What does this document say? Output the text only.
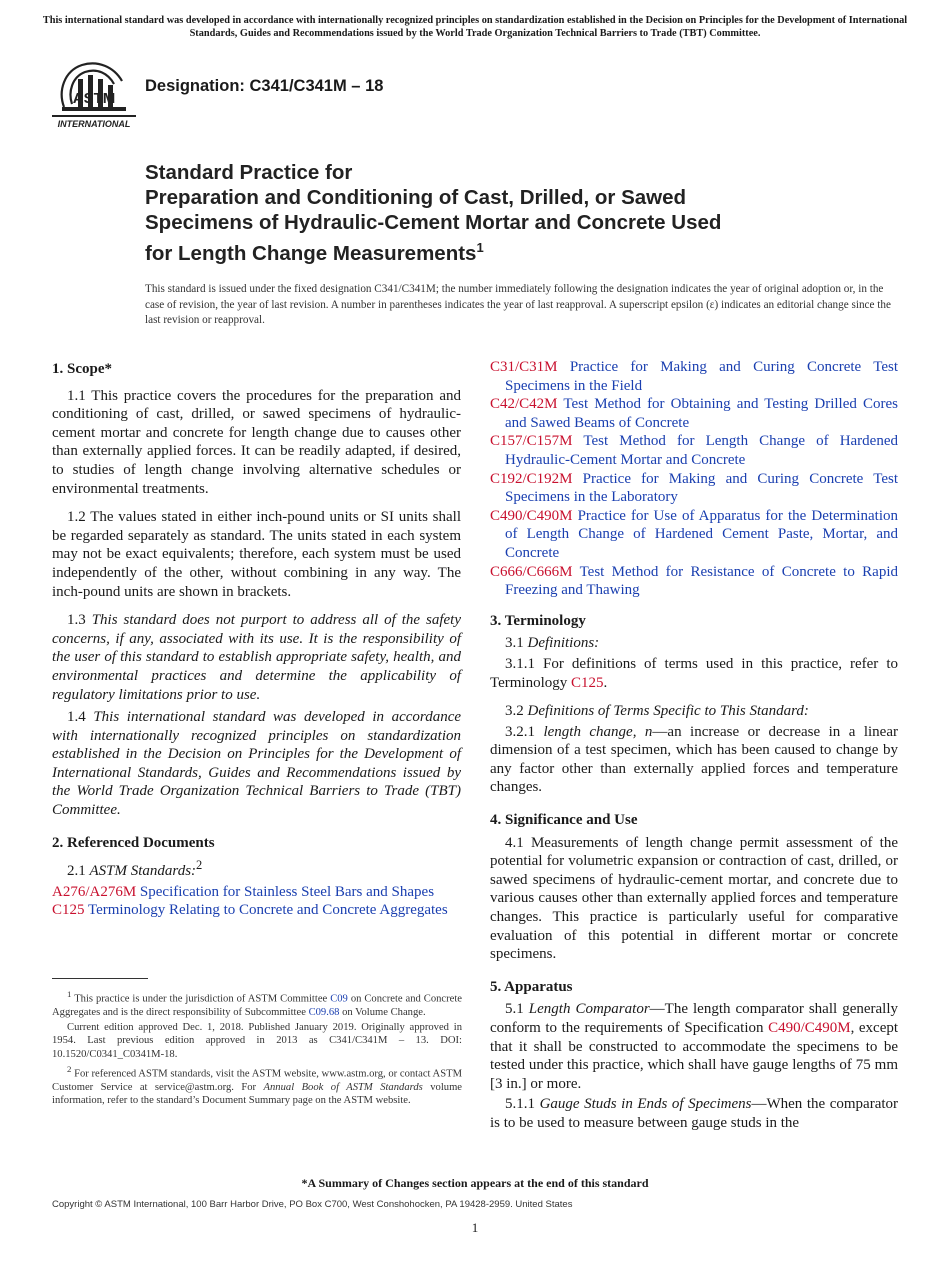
This international standard was developed in accordance with internationally recognized principles on standardization established in the Decision on Principles for the Development of International Standards, Guides and Recommendations issued by the World Trade Organization Technical Barriers to Trade (TBT) Committee.
ASTM
INTERNATIONAL
Designation: C341/C341M – 18
Standard Practice for
Preparation and Conditioning of Cast, Drilled, or Sawed
Specimens of Hydraulic-Cement Mortar and Concrete Used
for Length Change Measurements$^1$
This standard is issued under the fixed designation C341/C341M; the number immediately following the designation indicates the year of original adoption or, in the case of revision, the year of last revision. A number in parentheses indicates the year of last reapproval. A superscript epsilon (ε) indicates an editorial change since the last revision or reapproval.

1. Scope*

1.1 This practice covers the procedures for the preparation and conditioning of cast, drilled, or sawed specimens of hydraulic-cement mortar and concrete for length change due to causes other than externally applied forces. It can be readily adapted, if desired, to studies of length change involving alternative schedules or environmental treatments.

1.2 The values stated in either inch-pound units or SI units shall be regarded separately as standard. The units stated in each system may not be exact equivalents; therefore, each system must be used independently of the other, without combining in any way. The inch-pound units are shown in brackets.

1.3 This standard does not purport to address all of the safety concerns, if any, associated with its use. It is the responsibility of the user of this standard to establish appropriate safety, health, and environmental practices and determine the applicability of regulatory limitations prior to use.

1.4 This international standard was developed in accordance with internationally recognized principles on standardization established in the Decision on Principles for the Development of International Standards, Guides and Recommendations issued by the World Trade Organization Technical Barriers to Trade (TBT) Committee.

2. Referenced Documents

2.1 ASTM Standards:$^2$

A276/A276M Specification for Stainless Steel Bars and Shapes
C125 Terminology Relating to Concrete and Concrete Aggregates

$^1$ This practice is under the jurisdiction of ASTM Committee C09 on Concrete and Concrete Aggregates and is the direct responsibility of Subcommittee C09.68 on Volume Change.

Current edition approved Dec. 1, 2018. Published January 2019. Originally approved in 1954. Last previous edition approved in 2013 as C341/C341M – 13. DOI: 10.1520/C0341_C0341M-18.

$^2$ For referenced ASTM standards, visit the ASTM website, www.astm.org, or contact ASTM Customer Service at service@astm.org. For Annual Book of ASTM Standards volume information, refer to the standard’s Document Summary page on the ASTM website.

C31/C31M Practice for Making and Curing Concrete Test Specimens in the Field
C42/C42M Test Method for Obtaining and Testing Drilled Cores and Sawed Beams of Concrete
C157/C157M Test Method for Length Change of Hardened Hydraulic-Cement Mortar and Concrete
C192/C192M Practice for Making and Curing Concrete Test Specimens in the Laboratory
C490/C490M Practice for Use of Apparatus for the Determination of Length Change of Hardened Cement Paste, Mortar, and Concrete
C666/C666M Test Method for Resistance of Concrete to Rapid Freezing and Thawing

3. Terminology

3.1 Definitions:

3.1.1 For definitions of terms used in this practice, refer to Terminology C125.

3.2 Definitions of Terms Specific to This Standard:

3.2.1 length change, n—an increase or decrease in a linear dimension of a test specimen, which has been caused to change by any factor other than externally applied forces and temperature changes.

4. Significance and Use

4.1 Measurements of length change permit assessment of the potential for volumetric expansion or contraction of cast, drilled, or sawed specimens of hydraulic-cement mortar, and concrete due to various causes other than externally applied forces and temperature changes. This practice is particularly useful for comparative evaluation of this potential in different mortar or concrete specimens.

5. Apparatus

5.1 Length Comparator—The length comparator shall generally conform to the requirements of Specification C490/C490M, except that it shall be constructed to accommodate the specimens to be tested under this practice, which shall have gauge lengths of 75 mm [3 in.] or more.

5.1.1 Gauge Studs in Ends of Specimens—When the comparator is to be used to measure between gauge studs in the

*A Summary of Changes section appears at the end of this standard
Copyright © ASTM International, 100 Barr Harbor Drive, PO Box C700, West Conshohocken, PA 19428-2959. United States
1
